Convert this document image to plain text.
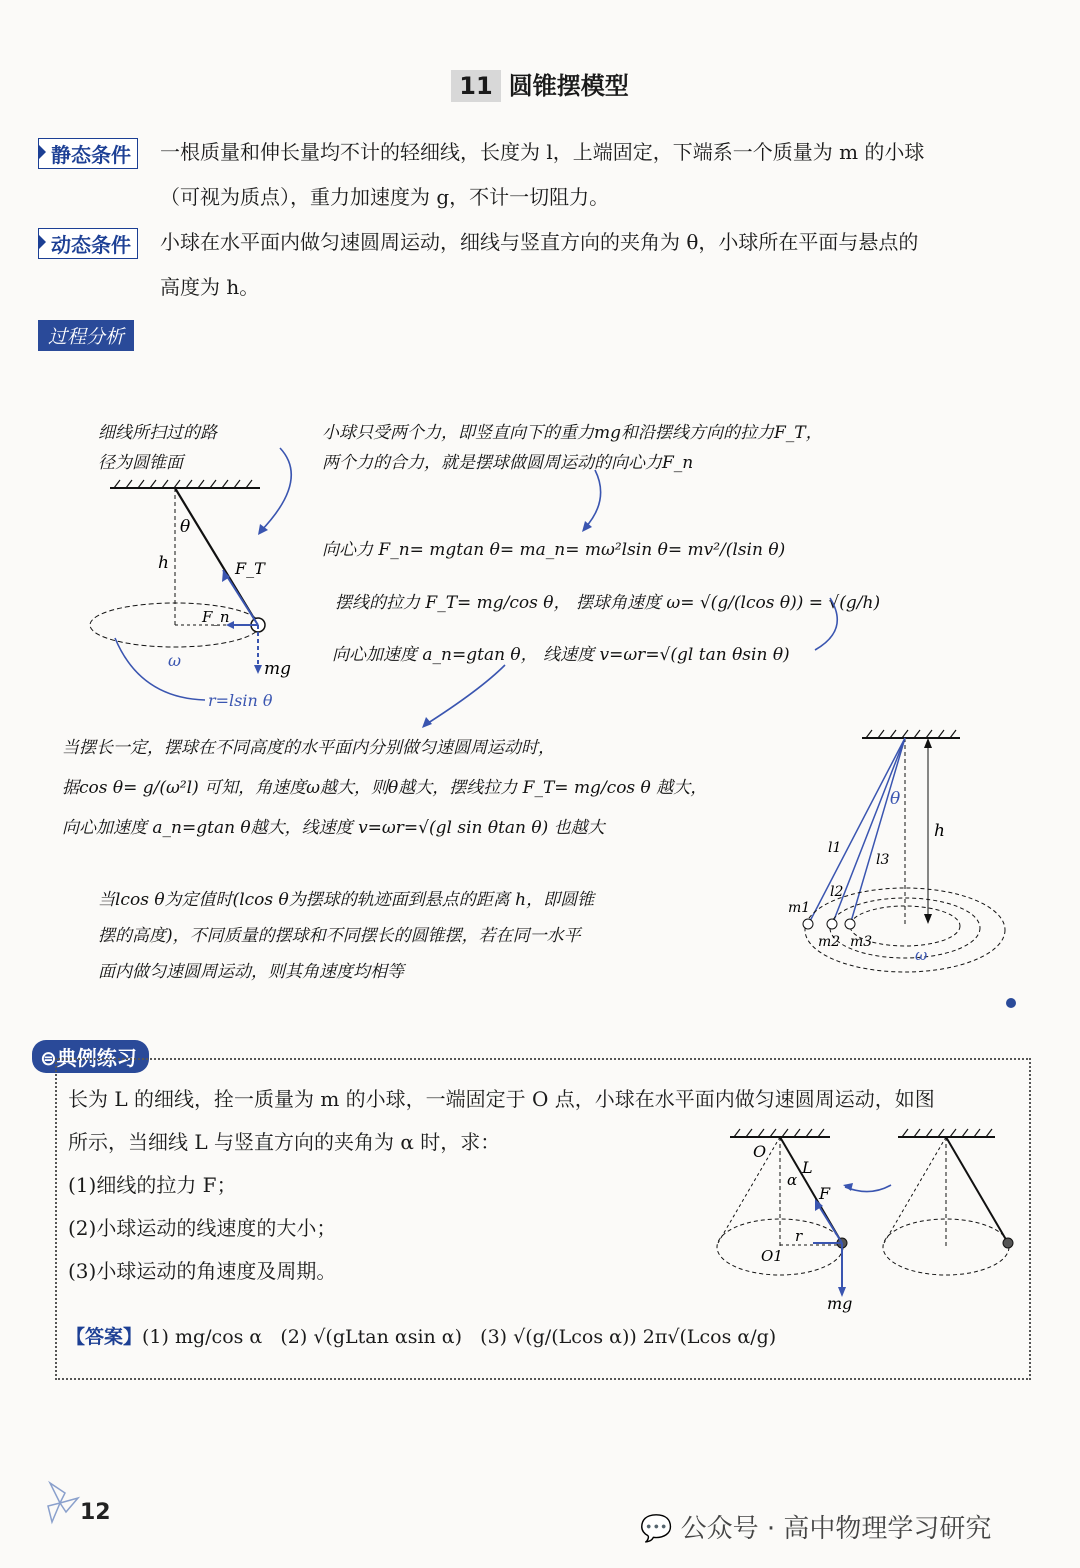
11 圆锥摆模型
静态条件	一根质量和伸长量均不计的轻细线，长度为 l，上端固定，下端系一个质量为 m 的小球
（可视为质点），重力加速度为 g，不计一切阻力。
动态条件	小球在水平面内做匀速圆周运动，细线与竖直方向的夹角为 θ，小球所在平面与悬点的
高度为 h。
过程分析
细线所扫过的路
径为圆锥面
小球只受两个力，即竖直向下的重力mg和沿摆线方向的拉力F_T，
两个力的合力，就是摆球做圆周运动的向心力F_n
向心力 F_n= mgtan θ= ma_n= mω²lsin θ= mv²/(lsin θ)
摆线的拉力 F_T= mg/cos θ， 摆球角速度 ω= √(g/(lcos θ)) = √(g/h)
向心加速度 a_n=gtan θ， 线速度 v=ωr=√(gl tan θsin θ)
当摆长一定，摆球在不同高度的水平面内分别做匀速圆周运动时，
据cos θ= g/(ω²l) 可知，角速度ω越大，则θ越大，摆线拉力 F_T= mg/cos θ 越大，
向心加速度 a_n=gtan θ越大，线速度 v=ωr=√(gl sin θtan θ) 也越大
当lcos θ为定值时(lcos θ为摆球的轨迹面到悬点的距离 h，即圆锥
摆的高度)，不同质量的摆球和不同摆长的圆锥摆，若在同一水平
面内做匀速圆周运动，则其角速度均相等
θ
h	F_T
F_n
ω	mg
r=lsin θ
θ
h
l1
l3
l2
m1
m2 m3
ω
⊜典例练习
长为 L 的细线，拴一质量为 m 的小球，一端固定于 O 点，小球在水平面内做匀速圆周运动，如图
所示，当细线 L 与竖直方向的夹角为 α 时，求：
(1)细线的拉力 F；
(2)小球运动的线速度的大小；
(3)小球运动的角速度及周期。
【答案】(1) mg/cos α (2) √(gLtan αsin α) (3) √(g/(Lcos α)) 2π√(Lcos α/g)
O
L
α
F
r
O1
mg
12
💬 公众号 · 高中物理学习研究
